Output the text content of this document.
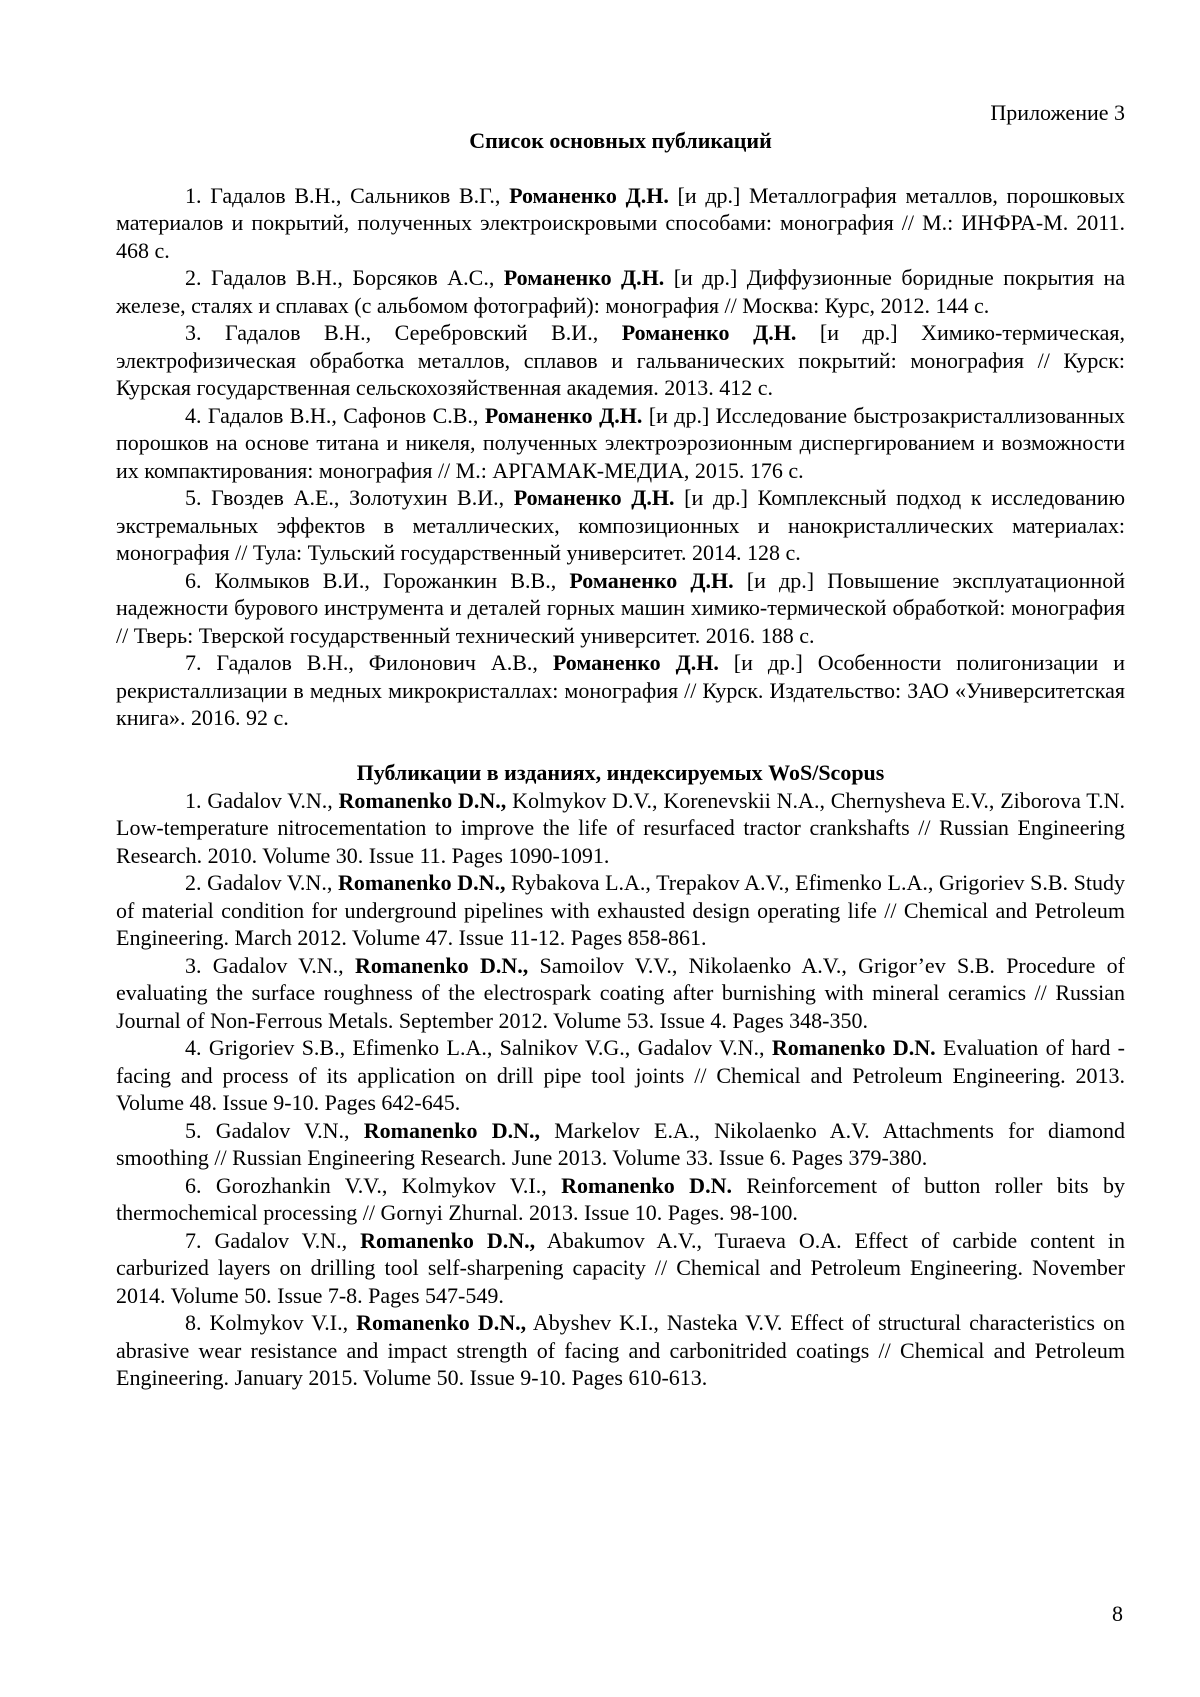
Приложение 3
Список основных публикаций

1. Гадалов В.Н., Сальников В.Г., Романенко Д.Н. [и др.] Металлография металлов, порошковых материалов и покрытий, полученных электроискровыми способами: монография // М.: ИНФРА-М. 2011. 468 с.

2. Гадалов В.Н., Борсяков А.С., Романенко Д.Н. [и др.] Диффузионные боридные покрытия на железе, сталях и сплавах (с альбомом фотографий): монография // Москва: Курс, 2012. 144 с.

3. Гадалов В.Н., Серебровский В.И., Романенко Д.Н. [и др.] Химико-термическая, электрофизическая обработка металлов, сплавов и гальванических покрытий: монография // Курск: Курская государственная сельскохозяйственная академия. 2013. 412 с.

4. Гадалов В.Н., Сафонов С.В., Романенко Д.Н. [и др.] Исследование быстрозакристаллизованных порошков на основе титана и никеля, полученных электроэрозионным диспергированием и возможности их компактирования: монография // М.: АРГАМАК-МЕДИА, 2015. 176 с.

5. Гвоздев А.Е., Золотухин В.И., Романенко Д.Н. [и др.] Комплексный подход к исследованию экстремальных эффектов в металлических, композиционных и нанокристаллических материалах: монография // Тула: Тульский государственный университет. 2014. 128 с.

6. Колмыков В.И., Горожанкин В.В., Романенко Д.Н. [и др.] Повышение эксплуатационной надежности бурового инструмента и деталей горных машин химико-термической обработкой: монография // Тверь: Тверской государственный технический университет. 2016. 188 с.

7. Гадалов В.Н., Филонович А.В., Романенко Д.Н. [и др.] Особенности полигонизации и рекристаллизации в медных микрокристаллах: монография // Курск. Издательство: ЗАО «Университетская книга». 2016. 92 с.

Публикации в изданиях, индексируемых WoS/Scopus

1. Gadalov V.N., Romanenko D.N., Kolmykov D.V., Korenevskii N.A., Chernysheva E.V., Ziborova T.N. Low-temperature nitrocementation to improve the life of resurfaced tractor crankshafts // Russian Engineering Research. 2010. Volume 30. Issue 11. Pages 1090-1091.

2. Gadalov V.N., Romanenko D.N., Rybakova L.A., Trepakov A.V., Efimenko L.A., Grigoriev S.B. Study of material condition for underground pipelines with exhausted design operating life // Chemical and Petroleum Engineering. March 2012. Volume 47. Issue 11-12. Pages 858-861.

3. Gadalov V.N., Romanenko D.N., Samoilov V.V., Nikolaenko A.V., Grigor’ev S.B. Procedure of evaluating the surface roughness of the electrospark coating after burnishing with mineral ceramics // Russian Journal of Non-Ferrous Metals. September 2012. Volume 53. Issue 4. Pages 348-350.

4. Grigoriev S.B., Efimenko L.A., Salnikov V.G., Gadalov V.N., Romanenko D.N. Evaluation of hard - facing and process of its application on drill pipe tool joints // Chemical and Petroleum Engineering. 2013. Volume 48. Issue 9-10. Pages 642-645.

5. Gadalov V.N., Romanenko D.N., Markelov E.A., Nikolaenko A.V. Attachments for diamond smoothing // Russian Engineering Research. June 2013. Volume 33. Issue 6. Pages 379-380.

6. Gorozhankin V.V., Kolmykov V.I., Romanenko D.N. Reinforcement of button roller bits by thermochemical processing // Gornyi Zhurnal. 2013. Issue 10. Pages. 98-100.

7. Gadalov V.N., Romanenko D.N., Abakumov A.V., Turaeva O.A. Effect of carbide content in carburized layers on drilling tool self-sharpening capacity // Chemical and Petroleum Engineering. November 2014. Volume 50. Issue 7-8. Pages 547-549.

8. Kolmykov V.I., Romanenko D.N., Abyshev K.I., Nasteka V.V. Effect of structural characteristics on abrasive wear resistance and impact strength of facing and carbonitrided coatings // Chemical and Petroleum Engineering. January 2015. Volume 50. Issue 9-10. Pages 610-613.

8
